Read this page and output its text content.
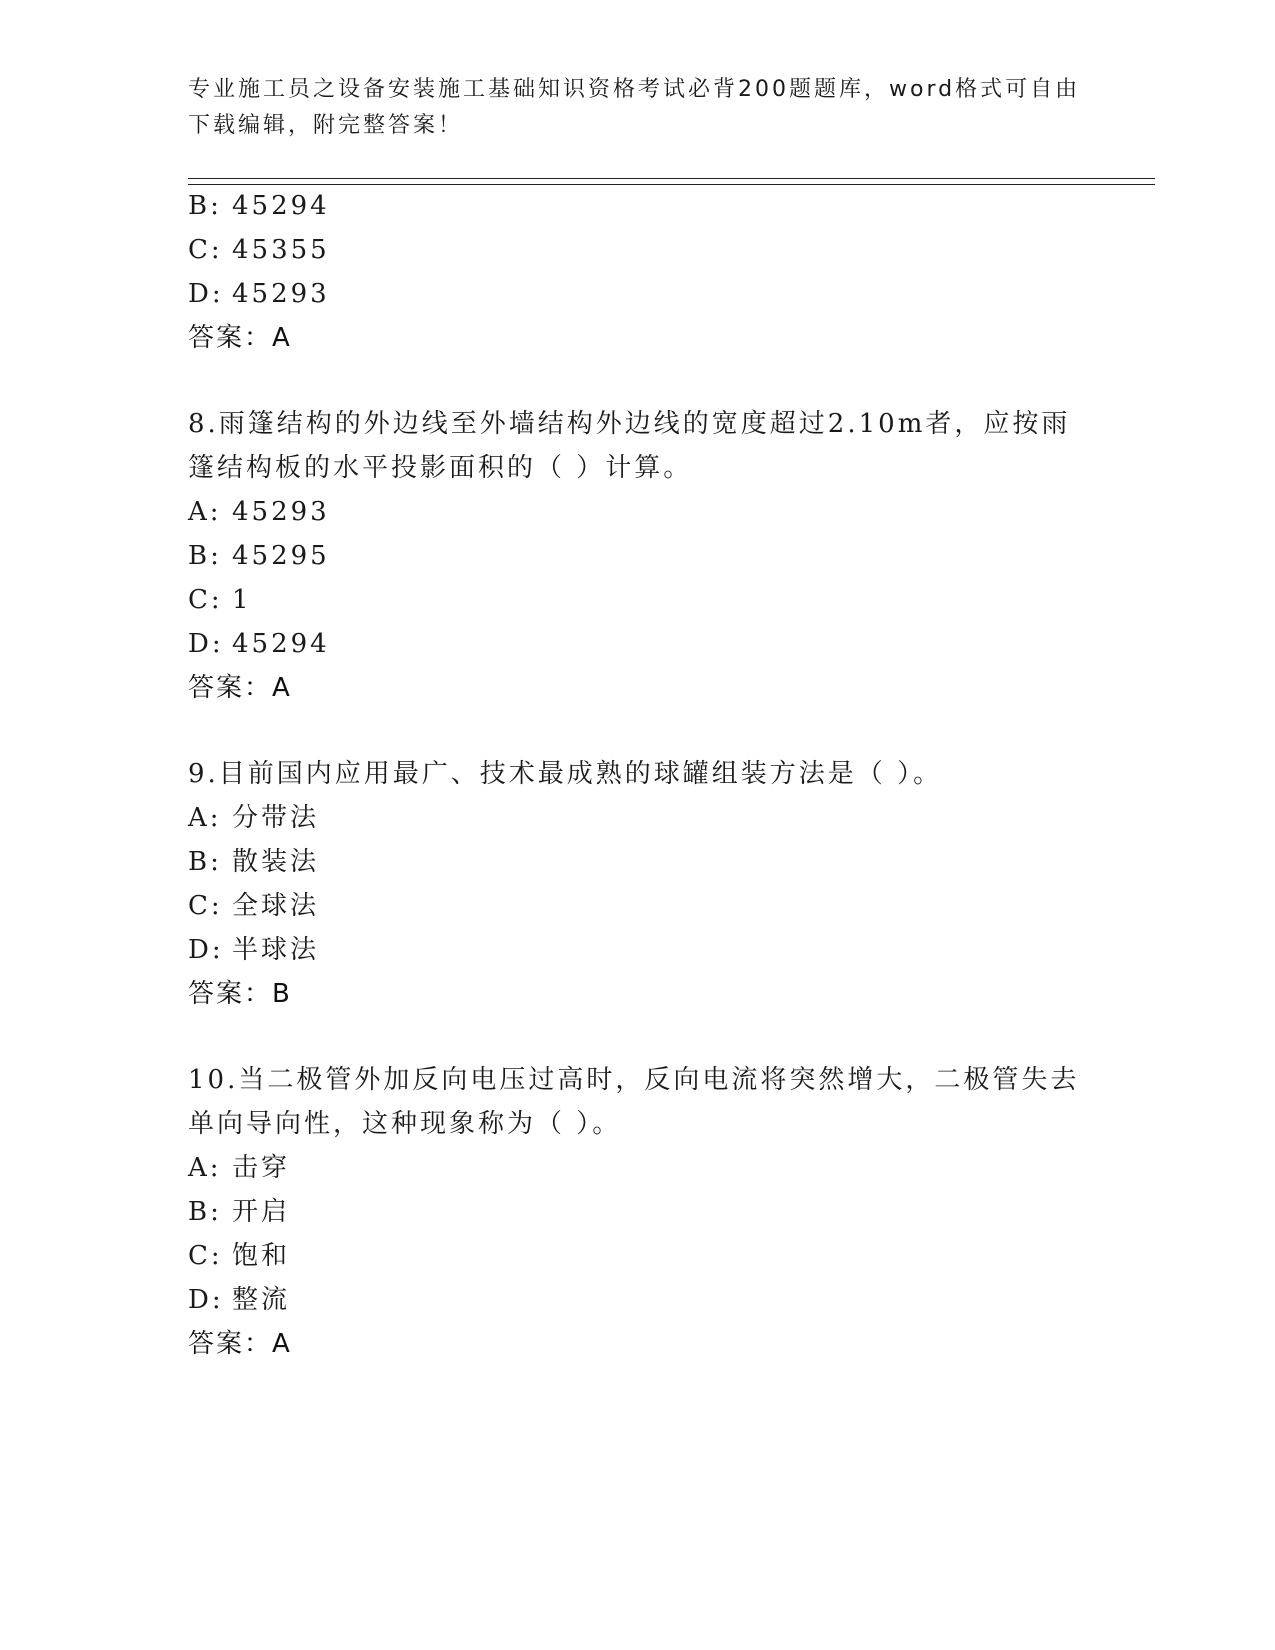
专业施工员之设备安装施工基础知识资格考试必背200题题库，word格式可自由
下载编辑，附完整答案！
B: 45294
C: 45355
D: 45293
答案：A
8.雨篷结构的外边线至外墙结构外边线的宽度超过2.10m者，应按雨
篷结构板的水平投影面积的（ ）计算。
A: 45293
B: 45295
C: 1
D: 45294
答案：A
9.目前国内应用最广、技术最成熟的球罐组装方法是（ ）。
A: 分带法
B: 散装法
C: 全球法
D: 半球法
答案：B
10.当二极管外加反向电压过高时，反向电流将突然增大，二极管失去
单向导向性，这种现象称为（ ）。
A: 击穿
B: 开启
C: 饱和
D: 整流
答案：A
